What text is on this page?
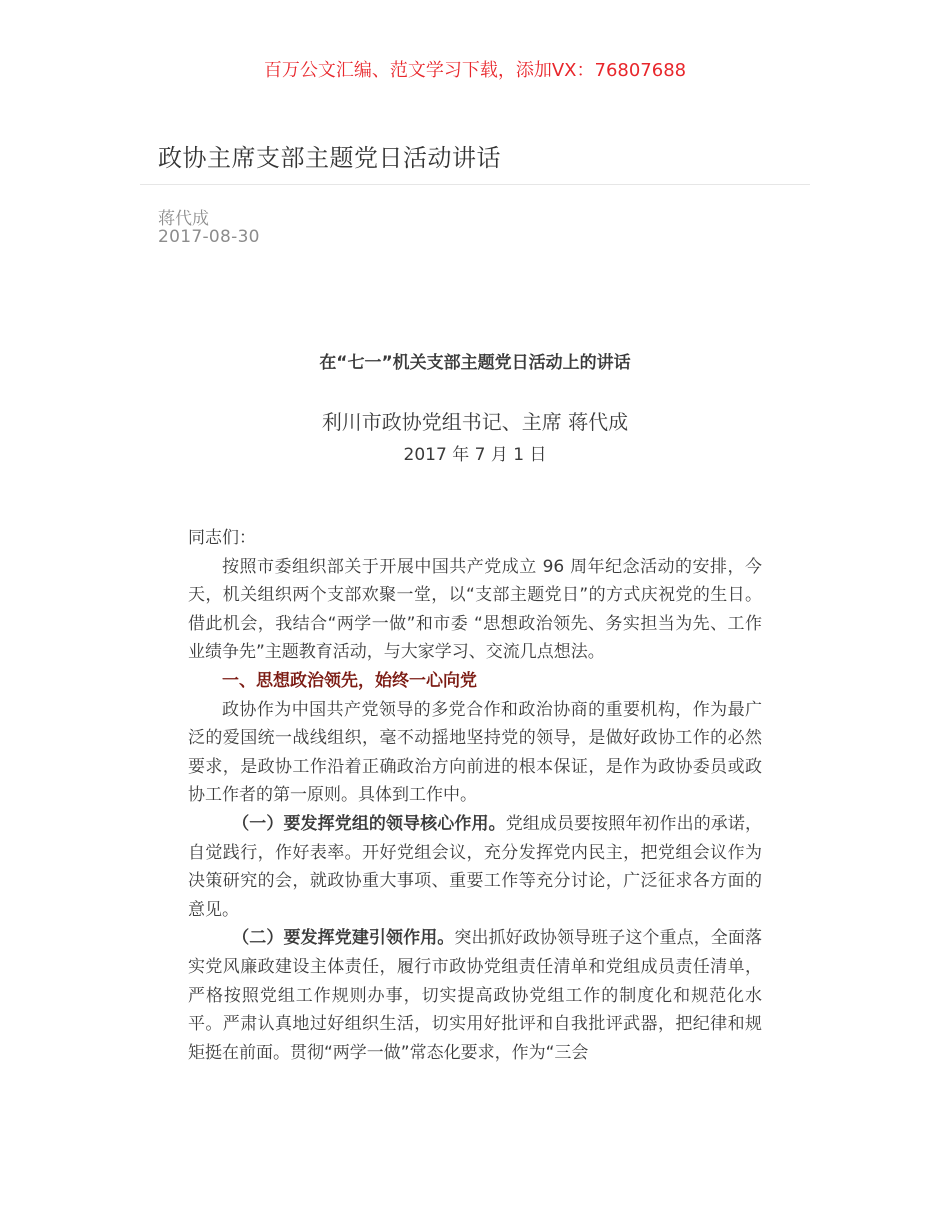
百万公文汇编、范文学习下载，添加VX：76807688
政协主席支部主题党日活动讲话
蒋代成
2017-08-30
在“七一”机关支部主题党日活动上的讲话
利川市政协党组书记、主席 蒋代成
2017 年 7 月 1 日

同志们：

按照市委组织部关于开展中国共产党成立 96 周年纪念活动的安排，今天，机关组织两个支部欢聚一堂，以“支部主题党日”的方式庆祝党的生日。借此机会，我结合“两学一做”和市委 “思想政治领先、务实担当为先、工作业绩争先”主题教育活动，与大家学习、交流几点想法。

一、思想政治领先，始终一心向党

政协作为中国共产党领导的多党合作和政治协商的重要机构，作为最广泛的爱国统一战线组织，毫不动摇地坚持党的领导，是做好政协工作的必然要求，是政协工作沿着正确政治方向前进的根本保证，是作为政协委员或政协工作者的第一原则。具体到工作中。

（一）要发挥党组的领导核心作用。党组成员要按照年初作出的承诺，自觉践行，作好表率。开好党组会议，充分发挥党内民主，把党组会议作为决策研究的会，就政协重大事项、重要工作等充分讨论，广泛征求各方面的意见。

（二）要发挥党建引领作用。突出抓好政协领导班子这个重点，全面落实党风廉政建设主体责任，履行市政协党组责任清单和党组成员责任清单，严格按照党组工作规则办事，切实提高政协党组工作的制度化和规范化水平。严肃认真地过好组织生活，切实用好批评和自我批评武器，把纪律和规矩挺在前面。贯彻“两学一做”常态化要求，作为“三会
